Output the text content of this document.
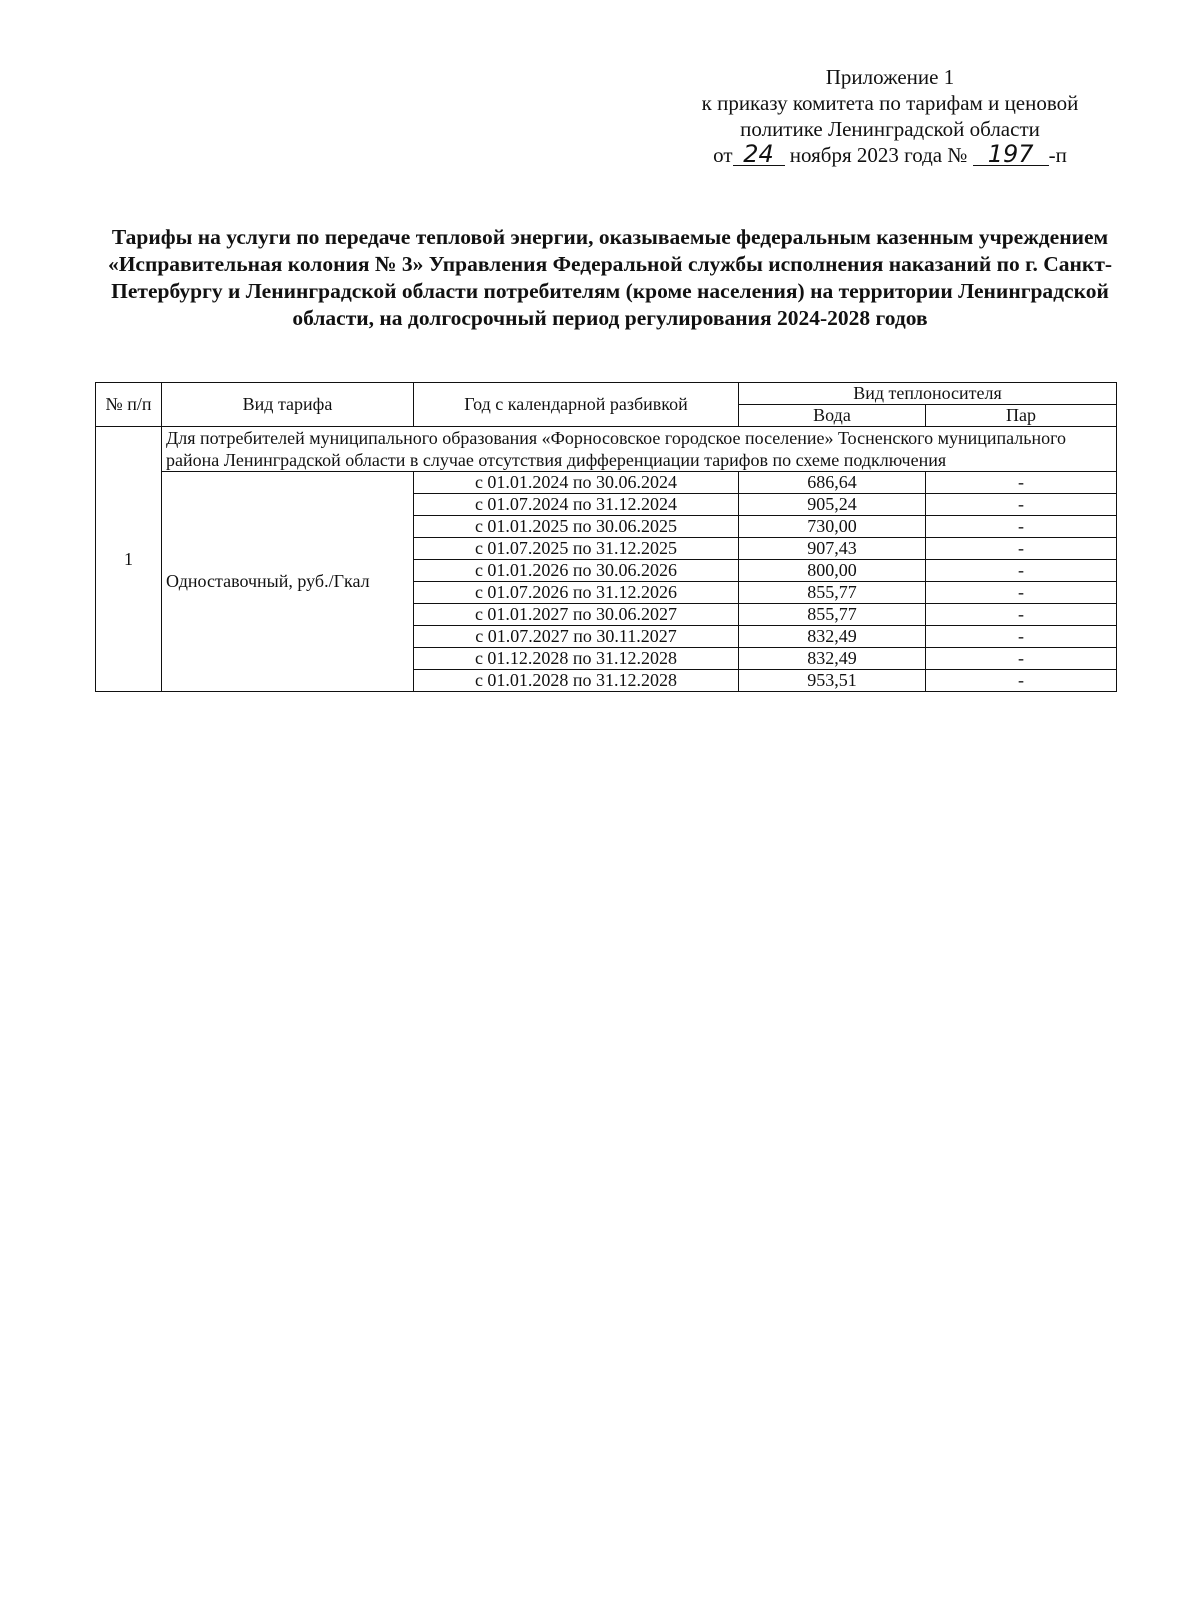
Приложение 1
к приказу комитета по тарифам и ценовой
политике Ленинградской области
от 24 ноября 2023 года № 197 -п
Тарифы на услуги по передаче тепловой энергии, оказываемые федеральным казенным учреждением «Исправительная колония № 3» Управления Федеральной службы исполнения наказаний по г. Санкт-Петербургу и Ленинградской области потребителям (кроме населения) на территории Ленинградской области, на долгосрочный период регулирования 2024-2028 годов
№ п/п	Вид тарифа	Год с календарной разбивкой	Вид теплоносителя	
			Вода	Пар
1	Для потребителей муниципального образования «Форносовское городское поселение» Тосненского муниципального района Ленинградской области в случае отсутствия дифференциации тарифов по схеме подключения			
	Одноставочный, руб./Гкал	с 01.01.2024 по 30.06.2024	686,64	-
		с 01.07.2024 по 31.12.2024	905,24	-
		с 01.01.2025 по 30.06.2025	730,00	-
		с 01.07.2025 по 31.12.2025	907,43	-
		с 01.01.2026 по 30.06.2026	800,00	-
		с 01.07.2026 по 31.12.2026	855,77	-
		с 01.01.2027 по 30.06.2027	855,77	-
		с 01.07.2027 по 30.11.2027	832,49	-
		с 01.12.2028 по 31.12.2028	832,49	-
		с 01.01.2028 по 31.12.2028	953,51	-
